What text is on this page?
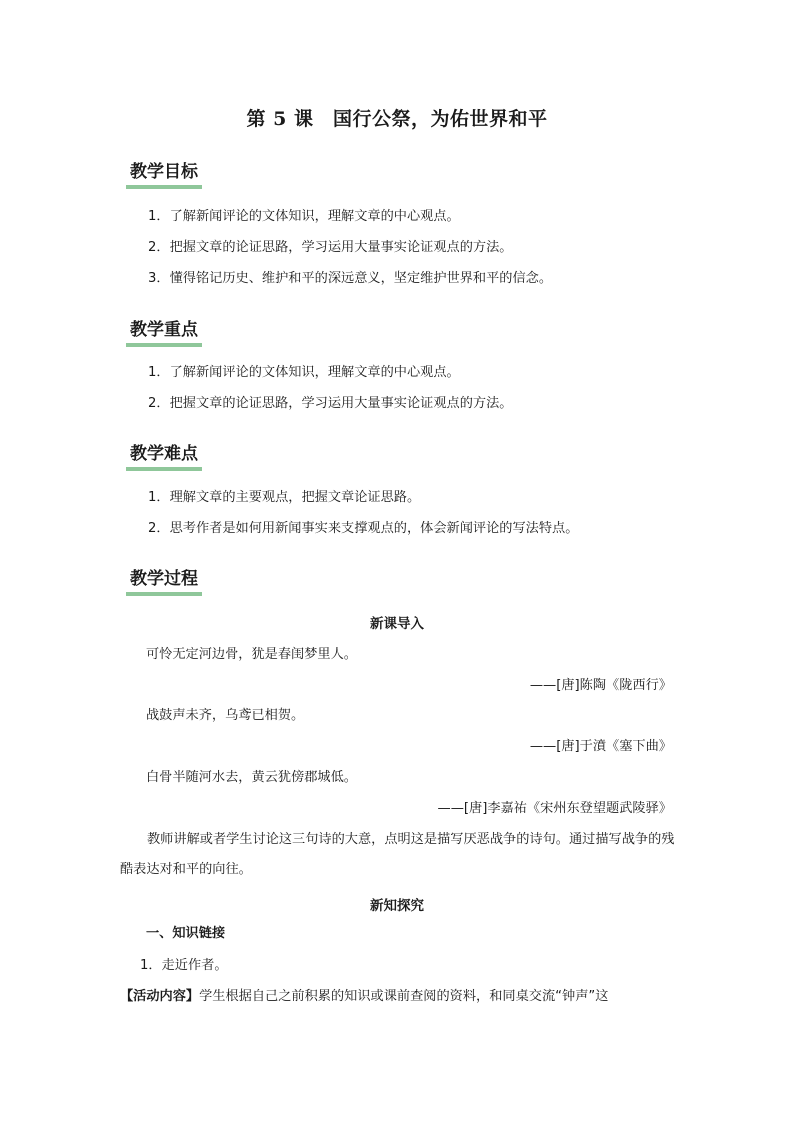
第 5 课　国行公祭，为佑世界和平
教学目标
1．了解新闻评论的文体知识，理解文章的中心观点。
2．把握文章的论证思路，学习运用大量事实论证观点的方法。
3．懂得铭记历史、维护和平的深远意义，坚定维护世界和平的信念。
教学重点
1．了解新闻评论的文体知识，理解文章的中心观点。
2．把握文章的论证思路，学习运用大量事实论证观点的方法。
教学难点
1．理解文章的主要观点，把握文章论证思路。
2．思考作者是如何用新闻事实来支撑观点的，体会新闻评论的写法特点。
教学过程
新课导入
可怜无定河边骨，犹是春闺梦里人。
——[唐]陈陶《陇西行》
战鼓声未齐，乌鸢已相贺。
——[唐]于濆《塞下曲》
白骨半随河水去，黄云犹傍郡城低。
——[唐]李嘉祐《宋州东登望题武陵驿》
教师讲解或者学生讨论这三句诗的大意，点明这是描写厌恶战争的诗句。通过描写战争的残酷表达对和平的向往。
新知探究
一、知识链接
1．走近作者。
【活动内容】学生根据自己之前积累的知识或课前查阅的资料，和同桌交流“钟声”这
